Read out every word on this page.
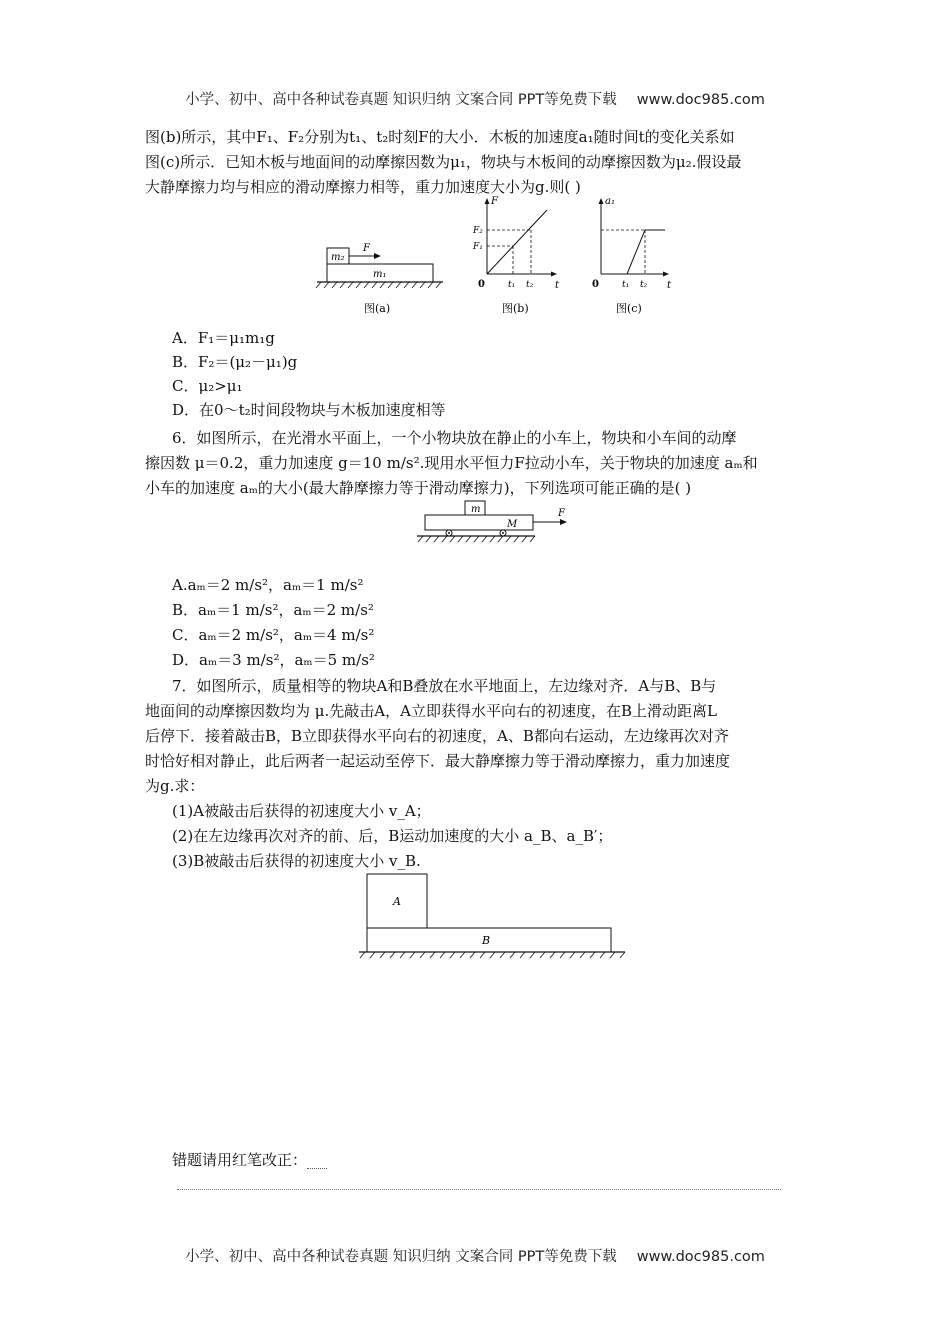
小学、初中、高中各种试卷真题 知识归纳 文案合同 PPT等免费下载 www.doc985.com
图(b)所示，其中F₁、F₂分别为t₁、t₂时刻F的大小．木板的加速度a₁随时间t的变化关系如
图(c)所示．已知木板与地面间的动摩擦因数为μ₁，物块与木板间的动摩擦因数为μ₂.假设最
大静摩擦力均与相应的滑动摩擦力相等，重力加速度大小为g.则( )
m₂
m₁
F
图(a)
F
t
0
F₂
F₁
t₁ t₂
图(b)
a₁
t
0	t₁ t₂
图(c)
A．F₁＝μ₁m₁g
B．F₂＝(μ₂－μ₁)g
C．μ₂>μ₁
D．在0～t₂时间段物块与木板加速度相等
6．如图所示，在光滑水平面上，一个小物块放在静止的小车上，物块和小车间的动摩
擦因数 μ＝0.2，重力加速度 g＝10 m/s².现用水平恒力F拉动小车，关于物块的加速度 aₘ和
小车的加速度 aₘ的大小(最大静摩擦力等于滑动摩擦力)，下列选项可能正确的是( )
m
M
F
A.aₘ＝2 m/s²，aₘ＝1 m/s²
B．aₘ＝1 m/s²，aₘ＝2 m/s²
C．aₘ＝2 m/s²，aₘ＝4 m/s²
D．aₘ＝3 m/s²，aₘ＝5 m/s²
7．如图所示，质量相等的物块A和B叠放在水平地面上，左边缘对齐．A与B、B与
地面间的动摩擦因数均为 μ.先敲击A，A立即获得水平向右的初速度，在B上滑动距离L
后停下．接着敲击B，B立即获得水平向右的初速度，A、B都向右运动，左边缘再次对齐
时恰好相对静止，此后两者一起运动至停下．最大静摩擦力等于滑动摩擦力，重力加速度
为g.求：
(1)A被敲击后获得的初速度大小 v_A；
(2)在左边缘再次对齐的前、后，B运动加速度的大小 a_B、a_B′；
(3)B被敲击后获得的初速度大小 v_B.
A
B
错题请用红笔改正：
小学、初中、高中各种试卷真题 知识归纳 文案合同 PPT等免费下载 www.doc985.com
